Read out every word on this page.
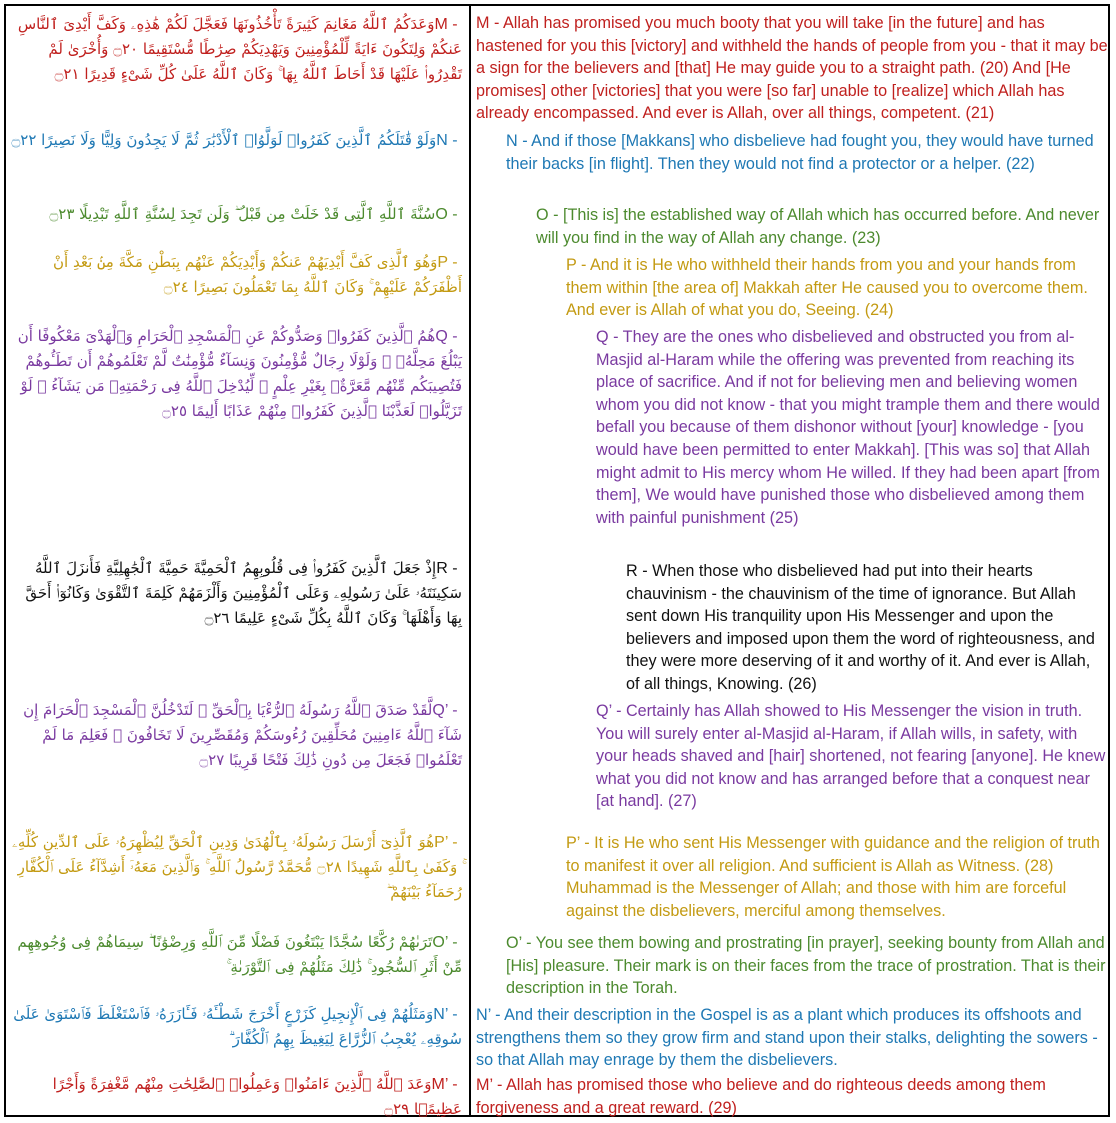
M - وَعَدَكُمُ ٱللَّهُ مَغَانِمَ كَثِيرَةً تَأْخُذُونَهَا فَعَجَّلَ لَكُمْ هَٰذِهِۦ وَكَفَّ أَيْدِىَ ٱلنَّاسِ عَنكُمْ وَلِتَكُونَ ءَايَةً لِّلْمُؤْمِنِينَ وَيَهْدِيَكُمْ صِرَٰطًا مُّسْتَقِيمًا ۝٢٠ وَأُخْرَىٰ لَمْ تَقْدِرُوا۟ عَلَيْهَا قَدْ أَحَاطَ ٱللَّهُ بِهَا ۚ وَكَانَ ٱللَّهُ عَلَىٰ كُلِّ شَىْءٍ قَدِيرًا ۝٢١
M - Allah has promised you much booty that you will take [in the future] and has hastened for you this [victory] and withheld the hands of people from you - that it may be a sign for the believers and [that] He may guide you to a straight path. (20) And [He promises] other [victories] that you were [so far] unable to [realize] which Allah has already encompassed. And ever is Allah, over all things, competent. (21)
N - وَلَوْ قَٰتَلَكُمُ ٱلَّذِينَ كَفَرُوا۟ لَوَلَّوُا۟ ٱلْأَدْبَٰرَ ثُمَّ لَا يَجِدُونَ وَلِيًّا وَلَا نَصِيرًا ۝٢٢	N - And if those [Makkans] who disbelieve had fought you, they would have turned their backs [in flight]. Then they would not find a protector or a helper. (22)
O - سُنَّةَ ٱللَّهِ ٱلَّتِى قَدْ خَلَتْ مِن قَبْلُ ۖ وَلَن تَجِدَ لِسُنَّةِ ٱللَّهِ تَبْدِيلًا ۝٢٣	O - [This is] the established way of Allah which has occurred before. And never will you find in the way of Allah any change. (23)
P - وَهُوَ ٱلَّذِى كَفَّ أَيْدِيَهُمْ عَنكُمْ وَأَيْدِيَكُمْ عَنْهُم بِبَطْنِ مَكَّةَ مِنۢ بَعْدِ أَنْ أَظْفَرَكُمْ عَلَيْهِمْ ۚ وَكَانَ ٱللَّهُ بِمَا تَعْمَلُونَ بَصِيرًا ۝٢٤
P - And it is He who withheld their hands from you and your hands from them within [the area of] Makkah after He caused you to overcome them. And ever is Allah of what you do, Seeing. (24)
Q - هُمُ ٱلَّذِينَ كَفَرُوا۟ وَصَدُّوكُمْ عَنِ ٱلْمَسْجِدِ ٱلْحَرَامِ وَٱلْهَدْىَ مَعْكُوفًا أَن يَبْلُغَ مَحِلَّهُۥ ۚ وَلَوْلَا رِجَالٌ مُّؤْمِنُونَ وَنِسَآءٌ مُّؤْمِنَٰتٌ لَّمْ تَعْلَمُوهُمْ أَن تَطَـُٔوهُمْ فَتُصِيبَكُم مِّنْهُم مَّعَرَّةٌۢ بِغَيْرِ عِلْمٍ ۖ لِّيُدْخِلَ ٱللَّهُ فِى رَحْمَتِهِۦ مَن يَشَآءُ ۚ لَوْ تَزَيَّلُوا۟ لَعَذَّبْنَا ٱلَّذِينَ كَفَرُوا۟ مِنْهُمْ عَذَابًا أَلِيمًا ۝٢٥
Q - They are the ones who disbelieved and obstructed you from al-Masjid al-Haram while the offering was prevented from reaching its place of sacrifice. And if not for believing men and believing women whom you did not know - that you might trample them and there would befall you because of them dishonor without [your] knowledge - [you would have been permitted to enter Makkah]. [This was so] that Allah might admit to His mercy whom He willed. If they had been apart [from them], We would have punished those who disbelieved among them with painful punishment (25)
R - إِذْ جَعَلَ ٱلَّذِينَ كَفَرُوا۟ فِى قُلُوبِهِمُ ٱلْحَمِيَّةَ حَمِيَّةَ ٱلْجَٰهِلِيَّةِ فَأَنزَلَ ٱللَّهُ سَكِينَتَهُۥ عَلَىٰ رَسُولِهِۦ وَعَلَى ٱلْمُؤْمِنِينَ وَأَلْزَمَهُمْ كَلِمَةَ ٱلتَّقْوَىٰ وَكَانُوٓا۟ أَحَقَّ بِهَا وَأَهْلَهَا ۚ وَكَانَ ٱللَّهُ بِكُلِّ شَىْءٍ عَلِيمًا ۝٢٦
R - When those who disbelieved had put into their hearts chauvinism - the chauvinism of the time of ignorance. But Allah sent down His tranquility upon His Messenger and upon the believers and imposed upon them the word of righteousness, and they were more deserving of it and worthy of it. And ever is Allah, of all things, Knowing. (26)
Q’ - لَّقَدْ صَدَقَ ٱللَّهُ رَسُولَهُ ٱلرُّءْيَا بِٱلْحَقِّ ۖ لَتَدْخُلُنَّ ٱلْمَسْجِدَ ٱلْحَرَامَ إِن شَآءَ ٱللَّهُ ءَامِنِينَ مُحَلِّقِينَ رُءُوسَكُمْ وَمُقَصِّرِينَ لَا تَخَافُونَ ۖ فَعَلِمَ مَا لَمْ تَعْلَمُوا۟ فَجَعَلَ مِن دُونِ ذَٰلِكَ فَتْحًا قَرِيبًا ۝٢٧
Q’ - Certainly has Allah showed to His Messenger the vision in truth. You will surely enter al-Masjid al-Haram, if Allah wills, in safety, with your heads shaved and [hair] shortened, not fearing [anyone]. He knew what you did not know and has arranged before that a conquest near [at hand]. (27)
P’ - هُوَ ٱلَّذِىٓ أَرْسَلَ رَسُولَهُۥ بِٱلْهُدَىٰ وَدِينِ ٱلْحَقِّ لِيُظْهِرَهُۥ عَلَى ٱلدِّينِ كُلِّهِۦ ۚ وَكَفَىٰ بِٱللَّهِ شَهِيدًا ۝٢٨ مُّحَمَّدٌ رَّسُولُ ٱللَّهِ ۚ وَٱلَّذِينَ مَعَهُۥٓ أَشِدَّآءُ عَلَى ٱلْكُفَّارِ رُحَمَآءُ بَيْنَهُمْ ۖ
P’ - It is He who sent His Messenger with guidance and the religion of truth to manifest it over all religion. And sufficient is Allah as Witness. (28) Muhammad is the Messenger of Allah; and those with him are forceful against the disbelievers, merciful among themselves.
O’ - تَرَىٰهُمْ رُكَّعًا سُجَّدًا يَبْتَغُونَ فَضْلًا مِّنَ ٱللَّهِ وَرِضْوَٰنًا ۖ سِيمَاهُمْ فِى وُجُوهِهِم مِّنْ أَثَرِ ٱلسُّجُودِ ۚ ذَٰلِكَ مَثَلُهُمْ فِى ٱلتَّوْرَىٰةِ ۚ
O’ - You see them bowing and prostrating [in prayer], seeking bounty from Allah and [His] pleasure. Their mark is on their faces from the trace of prostration. That is their description in the Torah.
N’ - وَمَثَلُهُمْ فِى ٱلْإِنجِيلِ كَزَرْعٍ أَخْرَجَ شَطْـَٔهُۥ فَـَٔازَرَهُۥ فَٱسْتَغْلَظَ فَٱسْتَوَىٰ عَلَىٰ سُوقِهِۦ يُعْجِبُ ٱلزُّرَّاعَ لِيَغِيظَ بِهِمُ ٱلْكُفَّارَ ۗ
N’ - And their description in the Gospel is as a plant which produces its offshoots and strengthens them so they grow firm and stand upon their stalks, delighting the sowers - so that Allah may enrage by them the disbelievers.
M’ - وَعَدَ ٱللَّهُ ٱلَّذِينَ ءَامَنُوا۟ وَعَمِلُوا۟ ٱلصَّٰلِحَٰتِ مِنْهُم مَّغْفِرَةً وَأَجْرًا عَظِيمًۢا ۝٢٩
M’ - Allah has promised those who believe and do righteous deeds among them forgiveness and a great reward. (29)
